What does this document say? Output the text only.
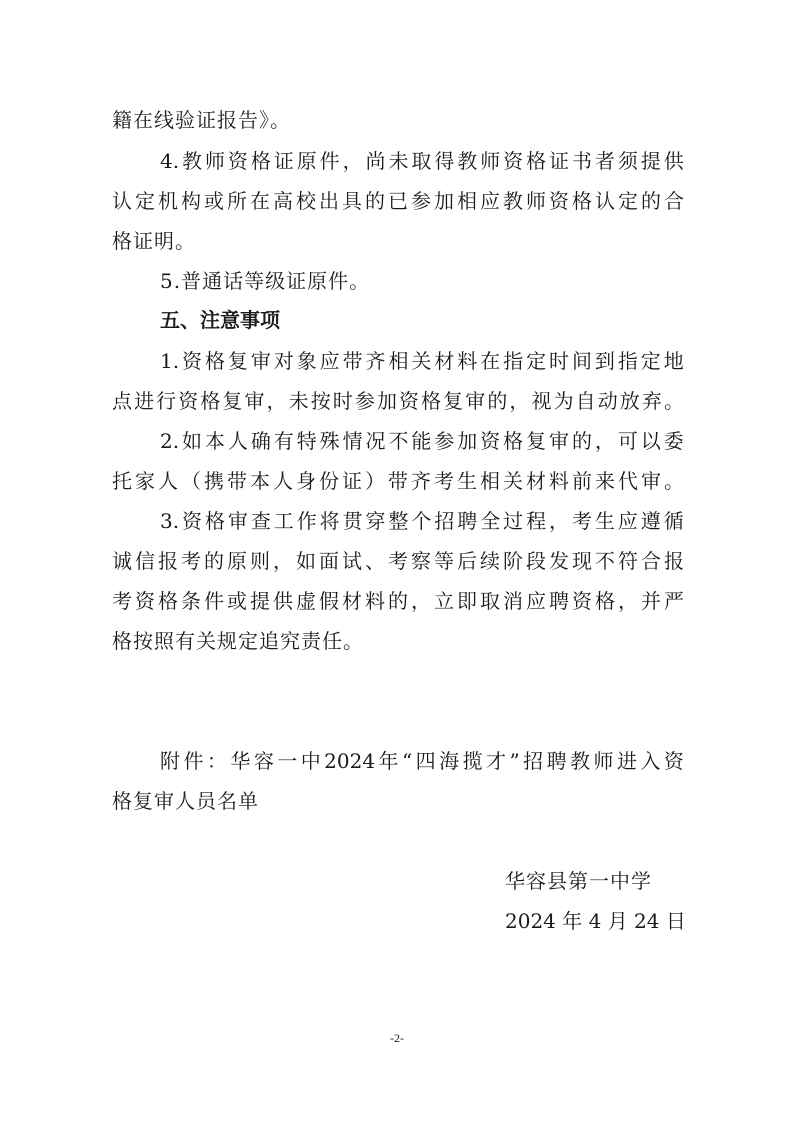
籍在线验证报告》。
4. 教 师 资 格 证 原 件 ， 尚 未 取 得 教 师 资 格 证 书 者 须 提 供
认 定 机 构 或 所 在 高 校 出 具 的 已 参 加 相 应 教 师 资 格 认 定 的 合
格证明。
5.普通话等级证原件。
五、注意事项
1. 资 格 复 审 对 象 应 带 齐 相 关 材 料 在 指 定 时 间 到 指 定 地
点 进 行 资 格 复 审 ， 未 按 时 参 加 资 格 复 审 的 ， 视 为 自 动 放 弃 。
2. 如 本 人 确 有 特 殊 情 况 不 能 参 加 资 格 复 审 的 ， 可 以 委
托 家 人 （ 携 带 本 人 身 份 证 ） 带 齐 考 生 相 关 材 料 前 来 代 审 。
3. 资 格 审 查 工 作 将 贯 穿 整 个 招 聘 全 过 程 ， 考 生 应 遵 循
诚 信 报 考 的 原 则 ， 如 面 试 、 考 察 等 后 续 阶 段 发 现 不 符 合 报
考 资 格 条 件 或 提 供 虚 假 材 料 的 ， 立 即 取 消 应 聘 资 格 ， 并 严
格按照有关规定追究责任。
附 件 ： 华 容 一 中 2024 年 “ 四 海 揽 才 ” 招 聘 教 师 进 入 资
格复审人员名单
华容县第一中学
2024 年 4 月 24 日
-2-
